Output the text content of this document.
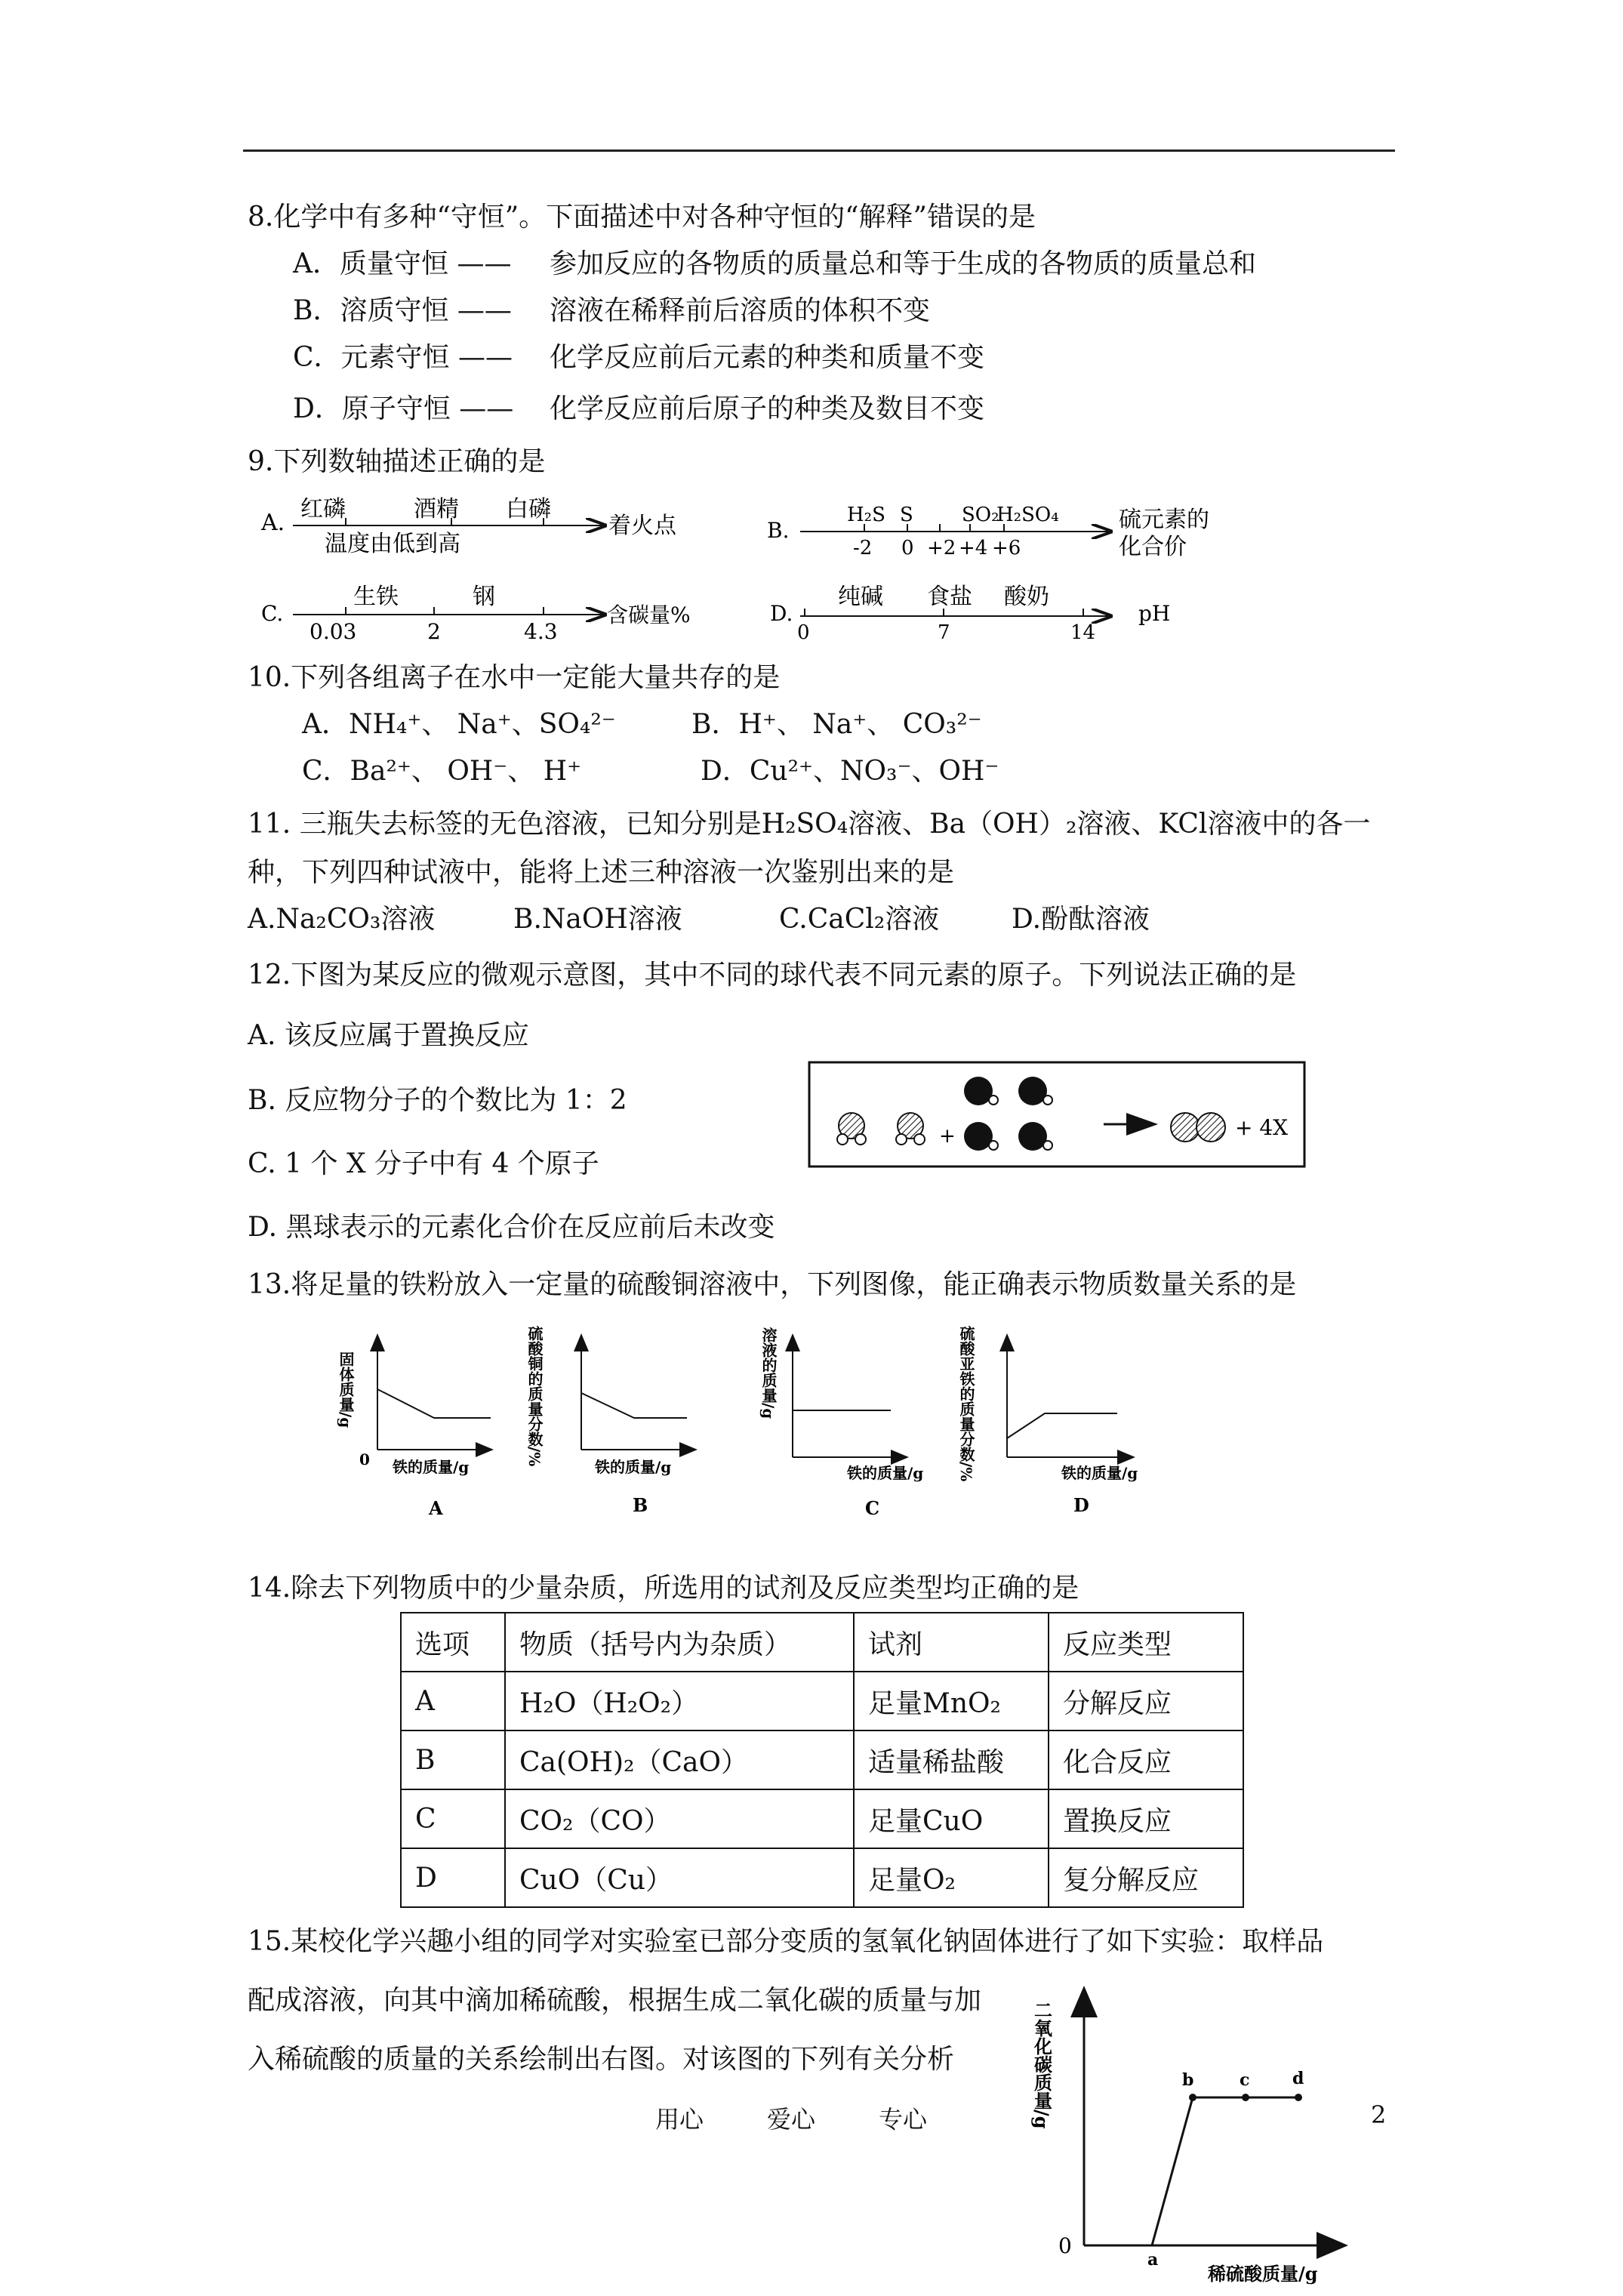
8.化学中有多种“守恒”。下面描述中对各种守恒的“解释”错误的是
A．质量守恒 —— 参加反应的各物质的质量总和等于生成的各物质的质量总和
B．溶质守恒 —— 溶液在稀释前后溶质的体积不变
C．元素守恒 —— 化学反应前后元素的种类和质量不变
D．原子守恒 —— 化学反应前后原子的种类及数目不变
9.下列数轴描述正确的是
A.
红磷	酒精 白磷
温度由低到高
着火点	B.
H₂S S SO₂
H₂SO₄
-2 0 +2 +4 +6
硫元素的
化合价
C.
生铁	钢
0.03	2	4.3
含碳量%	D.
纯碱 食盐 酸奶
0	7	14
pH
10.下列各组离子在水中一定能大量共存的是
A．NH₄⁺、 Na⁺、SO₄²⁻	B．H⁺、 Na⁺、 CO₃²⁻
C．Ba²⁺、 OH⁻、 H⁺	D．Cu²⁺、NO₃⁻、OH⁻
11. 三瓶失去标签的无色溶液，已知分别是H₂SO₄溶液、Ba（OH）₂溶液、KCl溶液中的各一
种，下列四种试液中，能将上述三种溶液一次鉴别出来的是
A.Na₂CO₃溶液	B.NaOH溶液	C.CaCl₂溶液	D.酚酞溶液
12.下图为某反应的微观示意图，其中不同的球代表不同元素的原子。下列说法正确的是
A. 该反应属于置换反应
B. 反应物分子的个数比为 1：2
C. 1 个 X 分子中有 4 个原子
D. 黑球表示的元素化合价在反应前后未改变
+	+ 4X
13.将足量的铁粉放入一定量的硫酸铜溶液中，下列图像，能正确表示物质数量关系的是
固体质量/g
0 铁的质量/g
A
硫酸铜的质量分数/%
铁的质量/g
B
溶液的质量/g
铁的质量/g
C
硫酸亚铁的质量分数/%	铁的质量/g
D
14.除去下列物质中的少量杂质，所选用的试剂及反应类型均正确的是
选项	物质（括号内为杂质）	试剂	反应类型
A	H₂O（H₂O₂）	足量MnO₂	分解反应
B	Ca(OH)₂（CaO）	适量稀盐酸	化合反应
C	CO₂（CO）	足量CuO	置换反应
D	CuO（Cu）	足量O₂	复分解反应
15.某校化学兴趣小组的同学对实验室已部分变质的氢氧化钠固体进行了如下实验：取样品
配成溶液，向其中滴加稀硫酸，根据生成二氧化碳的质量与加
入稀硫酸的质量的关系绘制出右图。对该图的下列有关分析	二氧化碳质量/g
0
a
b	c	d
稀硫酸质量/g
用心	爱心	专心	2
